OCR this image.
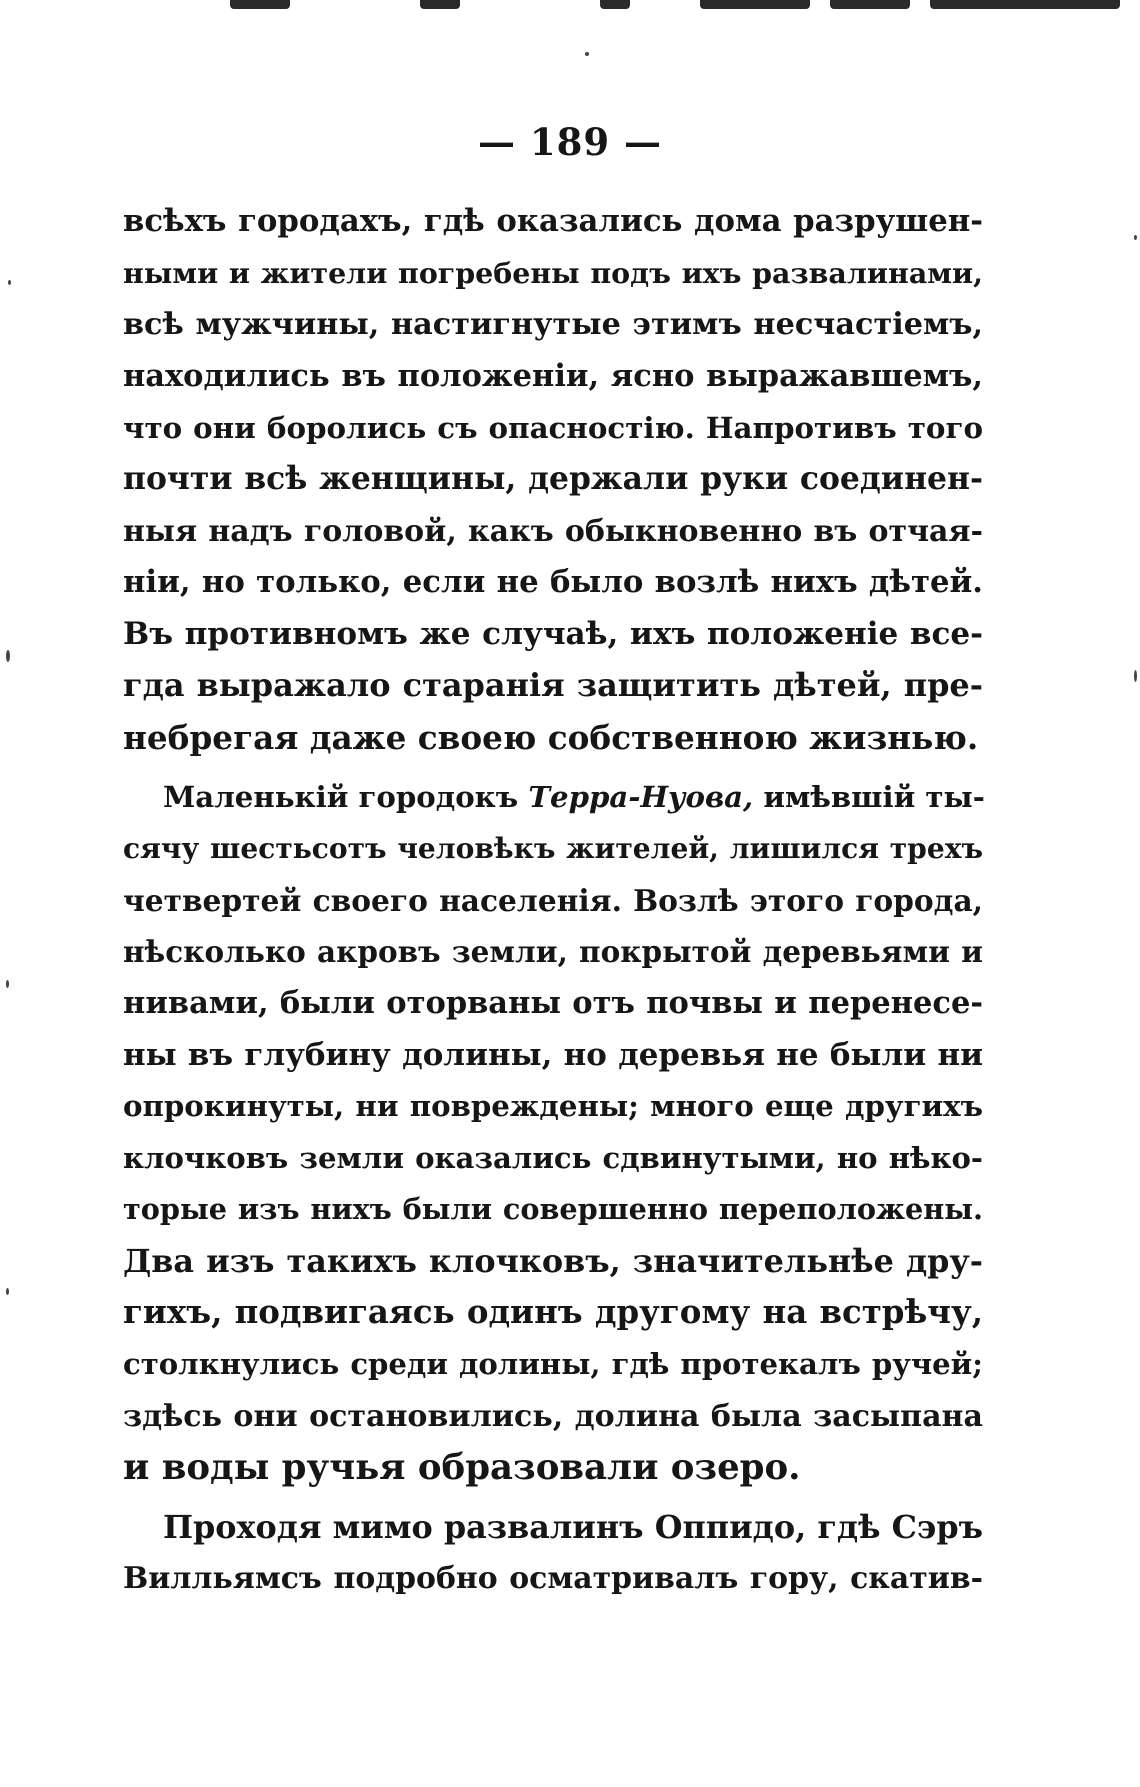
— 189 —
всѣхъ городахъ, гдѣ оказались дома разрушен-
ными и жители погребены подъ ихъ развалинами,
всѣ мужчины, настигнутые этимъ несчастіемъ,
находились въ положеніи, ясно выражавшемъ,
что они боролись съ опасностію. Напротивъ того
почти всѣ женщины, держали руки соединен-
ныя надъ головой, какъ обыкновенно въ отчая-
ніи, но только, если не было возлѣ нихъ дѣтей.
Въ противномъ же случаѣ, ихъ положеніе все-
гда выражало старанія защитить дѣтей, пре-
небрегая даже своею собственною жизнью.
Маленькій городокъ Терра-Нуова, имѣвшій ты-
сячу шестьсотъ человѣкъ жителей, лишился трехъ
четвертей своего населенія. Возлѣ этого города,
нѣсколько акровъ земли, покрытой деревьями и
нивами, были оторваны отъ почвы и перенесе-
ны въ глубину долины, но деревья не были ни
опрокинуты, ни повреждены; много еще другихъ
клочковъ земли оказались сдвинутыми, но нѣко-
торые изъ нихъ были совершенно переположены.
Два изъ такихъ клочковъ, значительнѣе дру-
гихъ, подвигаясь одинъ другому на встрѣчу,
столкнулись среди долины, гдѣ протекалъ ручей;
здѣсь они остановились, долина была засыпана
и воды ручья образовали озеро.
Проходя мимо развалинъ Оппидо, гдѣ Сэръ
Вилльямсъ подробно осматривалъ гору, скатив-
